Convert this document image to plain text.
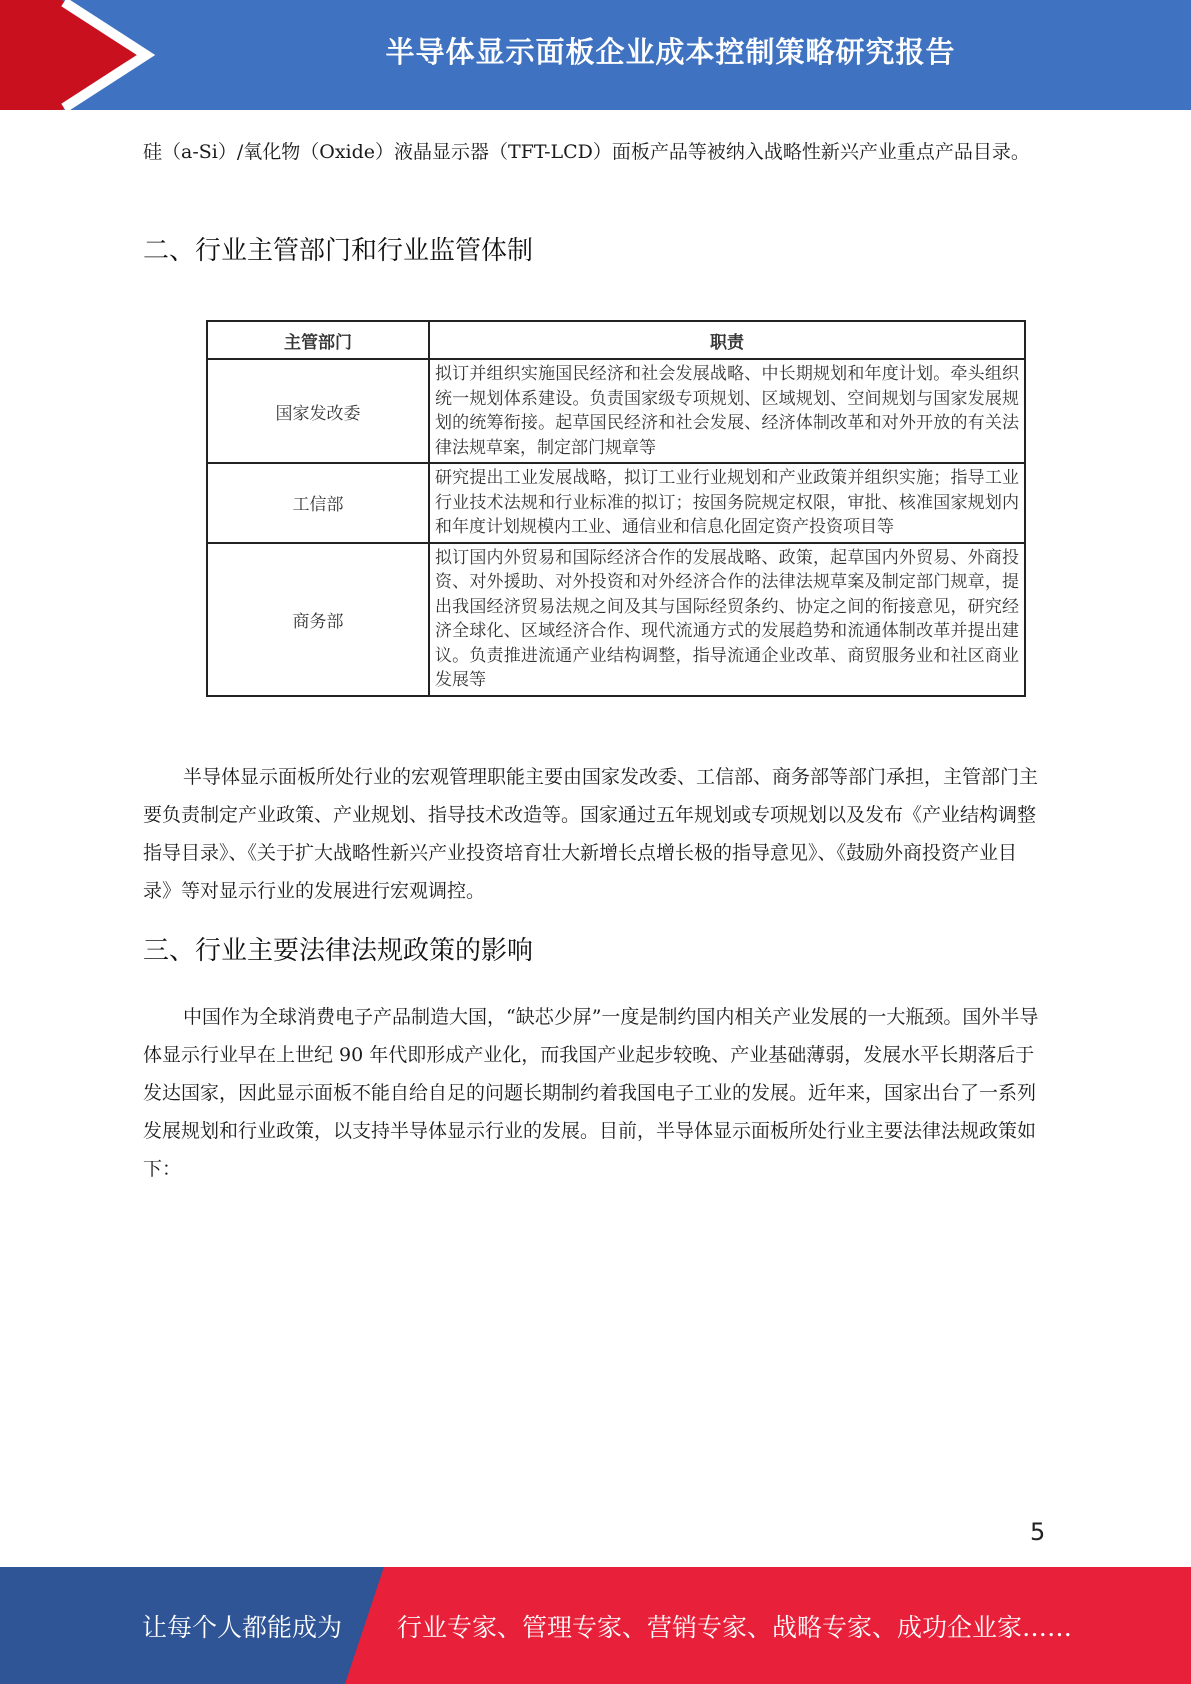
半导体显示面板企业成本控制策略研究报告

硅（a-Si）/氧化物（Oxide）液晶显示器（TFT-LCD）面板产品等被纳入战略性新兴产业重点产品目录。

二、行业主管部门和行业监管体制
主管部门	职责
国家发改委	拟订并组织实施国民经济和社会发展战略、中长期规划和年度计划。牵头组织统一规划体系建设。负责国家级专项规划、区域规划、空间规划与国家发展规划的统筹衔接。起草国民经济和社会发展、经济体制改革和对外开放的有关法律法规草案，制定部门规章等
工信部	研究提出工业发展战略，拟订工业行业规划和产业政策并组织实施；指导工业行业技术法规和行业标准的拟订；按国务院规定权限，审批、核准国家规划内和年度计划规模内工业、通信业和信息化固定资产投资项目等
商务部	拟订国内外贸易和国际经济合作的发展战略、政策，起草国内外贸易、外商投资、对外援助、对外投资和对外经济合作的法律法规草案及制定部门规章，提出我国经济贸易法规之间及其与国际经贸条约、协定之间的衔接意见，研究经济全球化、区域经济合作、现代流通方式的发展趋势和流通体制改革并提出建议。负责推进流通产业结构调整，指导流通企业改革、商贸服务业和社区商业发展等

半导体显示面板所处行业的宏观管理职能主要由国家发改委、工信部、商务部等部门承担，主管部门主要负责制定产业政策、产业规划、指导技术改造等。国家通过五年规划或专项规划以及发布《产业结构调整指导目录》、《关于扩大战略性新兴产业投资培育壮大新增长点增长极的指导意见》、《鼓励外商投资产业目录》等对显示行业的发展进行宏观调控。

三、行业主要法律法规政策的影响

中国作为全球消费电子产品制造大国，“缺芯少屏”一度是制约国内相关产业发展的一大瓶颈。国外半导体显示行业早在上世纪 90 年代即形成产业化，而我国产业起步较晚、产业基础薄弱，发展水平长期落后于发达国家，因此显示面板不能自给自足的问题长期制约着我国电子工业的发展。近年来，国家出台了一系列发展规划和行业政策，以支持半导体显示行业的发展。目前，半导体显示面板所处行业主要法律法规政策如下：

5
让每个人都能成为 行业专家、管理专家、营销专家、战略专家、成功企业家……
